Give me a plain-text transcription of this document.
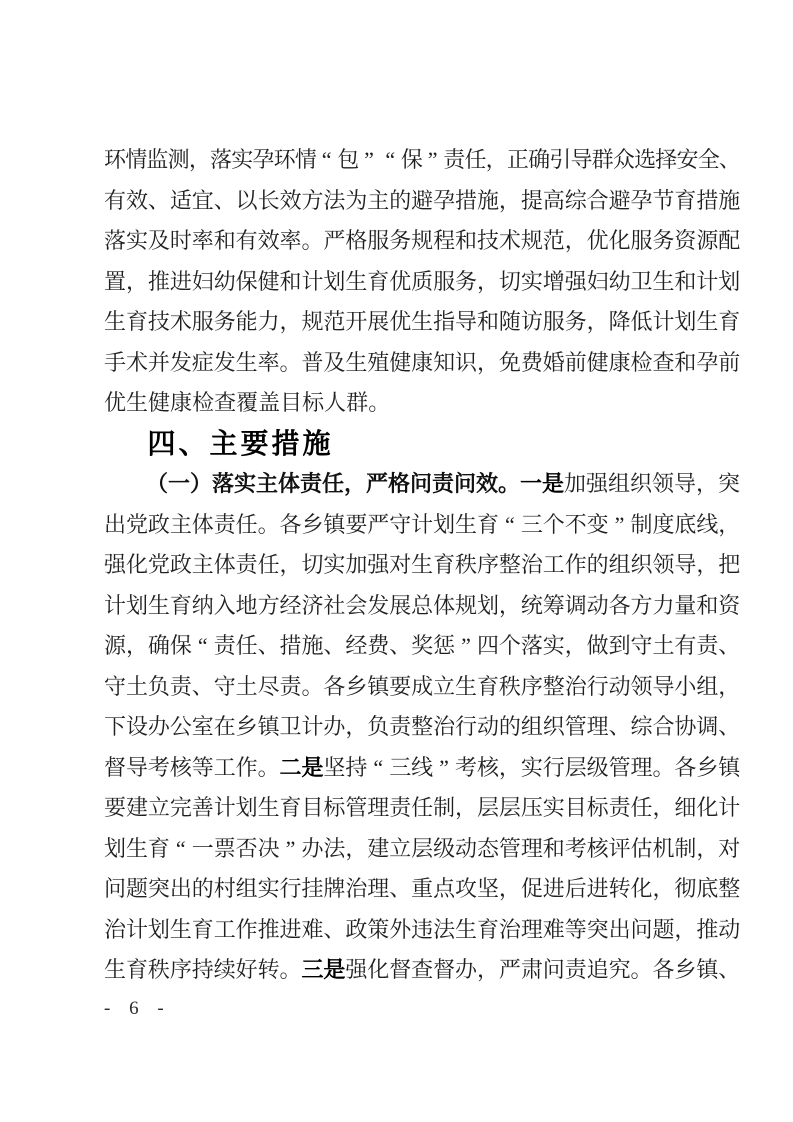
环 情 监 测 ， 落 实 孕 环 情 “ 包 ” “ 保 ” 责 任 ， 正 确 引 导 群 众 选 择 安 全 、
有 效 、 适 宜 、 以 长 效 方 法 为 主 的 避 孕 措 施 ， 提 高 综 合 避 孕 节 育 措 施
落 实 及 时 率 和 有 效 率 。 严 格 服 务 规 程 和 技 术 规 范 ， 优 化 服 务 资 源 配
置 ， 推 进 妇 幼 保 健 和 计 划 生 育 优 质 服 务 ， 切 实 增 强 妇 幼 卫 生 和 计 划
生 育 技 术 服 务 能 力 ， 规 范 开 展 优 生 指 导 和 随 访 服 务 ， 降 低 计 划 生 育
手 术 并 发 症 发 生 率 。 普 及 生 殖 健 康 知 识 ， 免 费 婚 前 健 康 检 查 和 孕 前
优 生 健 康 检 查 覆 盖 目 标 人 群 。
四 、 主 要 措 施
（ 一 ） 落 实 主 体 责 任 ， 严 格 问 责 问 效 。 一 是 加 强 组 织 领 导 ， 突
出 党 政 主 体 责 任 。 各 乡 镇 要 严 守 计 划 生 育 “ 三 个 不 变 ” 制 度 底 线 ，
强 化 党 政 主 体 责 任 ， 切 实 加 强 对 生 育 秩 序 整 治 工 作 的 组 织 领 导 ， 把
计 划 生 育 纳 入 地 方 经 济 社 会 发 展 总 体 规 划 ， 统 筹 调 动 各 方 力 量 和 资
源 ， 确 保 “ 责 任 、 措 施 、 经 费 、 奖 惩 ” 四 个 落 实 ， 做 到 守 土 有 责 、
守 土 负 责 、 守 土 尽 责 。 各 乡 镇 要 成 立 生 育 秩 序 整 治 行 动 领 导 小 组 ，
下 设 办 公 室 在 乡 镇 卫 计 办 ， 负 责 整 治 行 动 的 组 织 管 理 、 综 合 协 调 、
督 导 考 核 等 工 作 。 二 是 坚 持 “ 三 线 ” 考 核 ， 实 行 层 级 管 理 。 各 乡 镇
要 建 立 完 善 计 划 生 育 目 标 管 理 责 任 制 ， 层 层 压 实 目 标 责 任 ， 细 化 计
划 生 育 “ 一 票 否 决 ” 办 法 ， 建 立 层 级 动 态 管 理 和 考 核 评 估 机 制 ， 对
问 题 突 出 的 村 组 实 行 挂 牌 治 理 、 重 点 攻 坚 ， 促 进 后 进 转 化 ， 彻 底 整
治 计 划 生 育 工 作 推 进 难 、 政 策 外 违 法 生 育 治 理 难 等 突 出 问 题 ， 推 动
生 育 秩 序 持 续 好 转 。 三 是 强 化 督 查 督 办 ， 严 肃 问 责 追 究 。 各 乡 镇 、
- 6 -
